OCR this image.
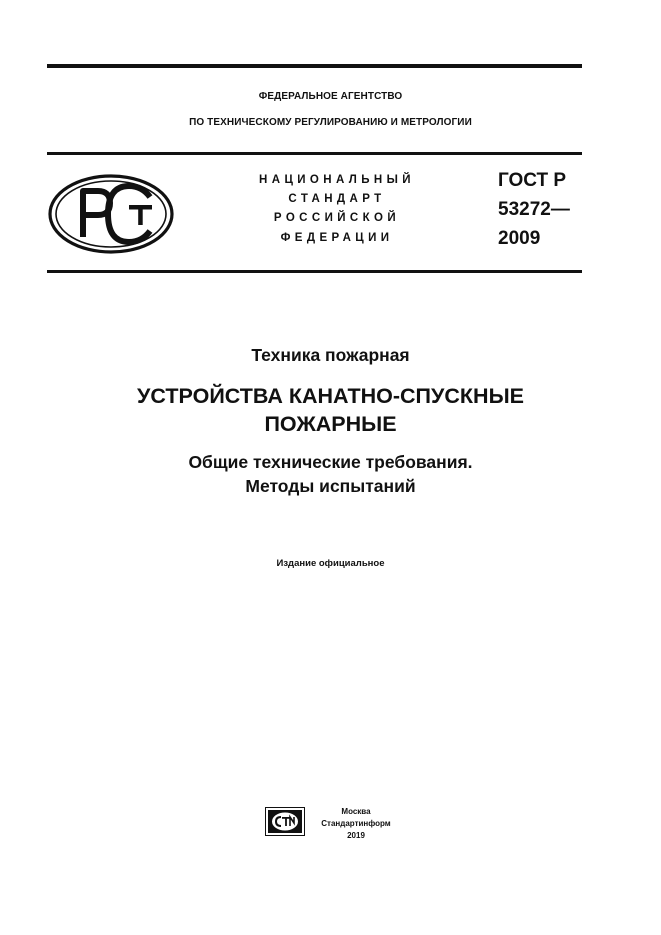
ФЕДЕРАЛЬНОЕ АГЕНТСТВО
ПО ТЕХНИЧЕСКОМУ РЕГУЛИРОВАНИЮ И МЕТРОЛОГИИ
НАЦИОНАЛЬНЫЙ
СТАНДАРТ
РОССИЙСКОЙ
ФЕДЕРАЦИИ
ГОСТ Р
53272—
2009
Техника пожарная
УСТРОЙСТВА КАНАТНО-СПУСКНЫЕ
ПОЖАРНЫЕ
Общие технические требования.
Методы испытаний
Издание официальное
Москва
Стандартинформ
2019
